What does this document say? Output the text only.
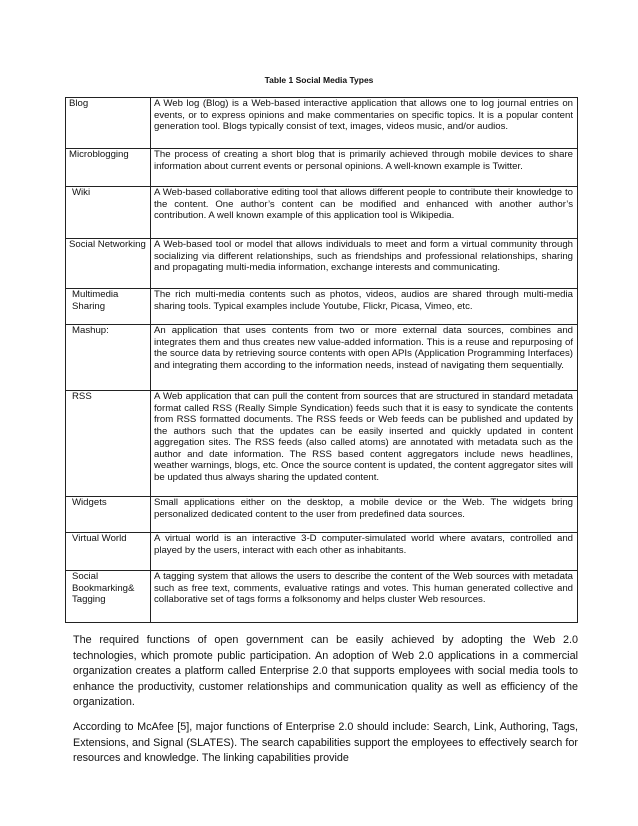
Table 1 Social Media Types
Blog	A Web log (Blog) is a Web-based interactive application that allows one to log journal entries on events, or to express opinions and make commentaries on specific topics. It is a popular content generation tool. Blogs typically consist of text, images, videos music, and/or audios.
Microblogging	The process of creating a short blog that is primarily achieved through mobile devices to share information about current events or personal opinions. A well-known example is Twitter.
Wiki	A Web-based collaborative editing tool that allows different people to contribute their knowledge to the content. One author’s content can be modified and enhanced with another author’s contribution. A well known example of this application tool is Wikipedia.
Social Networking	A Web-based tool or model that allows individuals to meet and form a virtual community through socializing via different relationships, such as friendships and professional relationships, sharing and propagating multi-media information, exchange interests and communicating.
Multimedia Sharing	The rich multi-media contents such as photos, videos, audios are shared through multi-media sharing tools. Typical examples include Youtube, Flickr, Picasa, Vimeo, etc.
Mashup:	An application that uses contents from two or more external data sources, combines and integrates them and thus creates new value-added information. This is a reuse and repurposing of the source data by retrieving source contents with open APIs (Application Programming Interfaces) and integrating them according to the information needs, instead of navigating them sequentially.
RSS	A Web application that can pull the content from sources that are structured in standard metadata format called RSS (Really Simple Syndication) feeds such that it is easy to syndicate the contents from RSS formatted documents. The RSS feeds or Web feeds can be published and updated by the authors such that the updates can be easily inserted and quickly updated in content aggregation sites. The RSS feeds (also called atoms) are annotated with metadata such as the author and date information. The RSS based content aggregators include news headlines, weather warnings, blogs, etc. Once the source content is updated, the content aggregator sites will be updated thus always sharing the updated content.
Widgets	Small applications either on the desktop, a mobile device or the Web. The widgets bring personalized dedicated content to the user from predefined data sources.
Virtual World	A virtual world is an interactive 3-D computer-simulated world where avatars, controlled and played by the users, interact with each other as inhabitants.
Social Bookmarking& Tagging	A tagging system that allows the users to describe the content of the Web sources with metadata such as free text, comments, evaluative ratings and votes. This human generated collective and collaborative set of tags forms a folksonomy and helps cluster Web resources.

The required functions of open government can be easily achieved by adopting the Web 2.0 technologies, which promote public participation. An adoption of Web 2.0 applications in a commercial organization creates a platform called Enterprise 2.0 that supports employees with social media tools to enhance the productivity, customer relationships and communication quality as well as efficiency of the organization.

According to McAfee [5], major functions of Enterprise 2.0 should include: Search, Link, Authoring, Tags, Extensions, and Signal (SLATES). The search capabilities support the employees to effectively search for resources and knowledge. The linking capabilities provide
